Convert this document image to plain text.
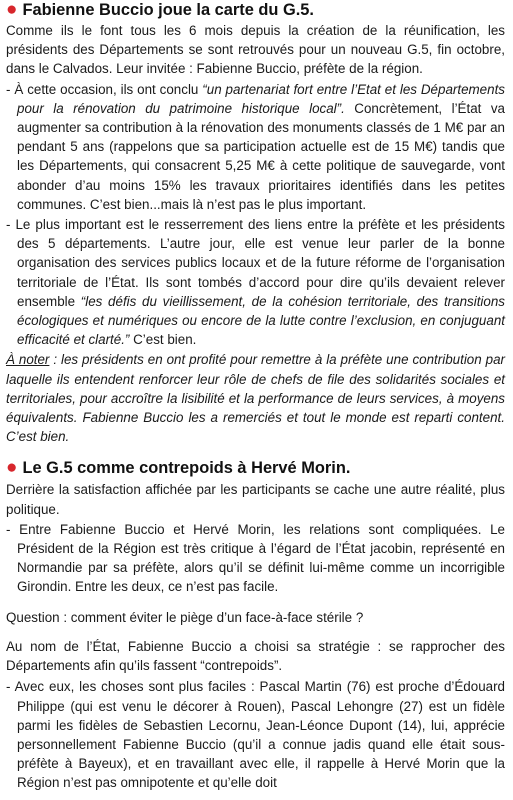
● Fabienne Buccio joue la carte du G.5.

Comme ils le font tous les 6 mois depuis la création de la réunification, les présidents des Départements se sont retrouvés pour un nouveau G.5, fin octobre, dans le Calvados. Leur invitée : Fabienne Buccio, préfète de la région.

- À cette occasion, ils ont conclu “un partenariat fort entre l’Etat et les Départements pour la rénovation du patrimoine historique local”. Concrètement, l’État va augmenter sa contribution à la rénovation des monuments classés de 1 M€ par an pendant 5 ans (rappelons que sa participation actuelle est de 15 M€) tandis que les Départements, qui consacrent 5,25 M€ à cette politique de sauvegarde, vont abonder d’au moins 15% les travaux prioritaires identifiés dans les petites communes. C’est bien...mais là n’est pas le plus important.

- Le plus important est le resserrement des liens entre la préfète et les présidents des 5 départements. L’autre jour, elle est venue leur parler de la bonne organisation des services publics locaux et de la future réforme de l’organisation territoriale de l’État. Ils sont tombés d’accord pour dire qu’ils devaient relever ensemble “les défis du vieillissement, de la cohésion territoriale, des transitions écologiques et numériques ou encore de la lutte contre l’exclusion, en conjuguant efficacité et clarté.” C’est bien.

À noter : les présidents en ont profité pour remettre à la préfète une contribution par laquelle ils entendent renforcer leur rôle de chefs de file des solidarités sociales et territoriales, pour accroître la lisibilité et la performance de leurs services, à moyens équivalents. Fabienne Buccio les a remerciés et tout le monde est reparti content. C’est bien.

● Le G.5 comme contrepoids à Hervé Morin.

Derrière la satisfaction affichée par les participants se cache une autre réalité, plus politique.

- Entre Fabienne Buccio et Hervé Morin, les relations sont compliquées. Le Président de la Région est très critique à l’égard de l’État jacobin, représenté en Normandie par sa préfète, alors qu’il se définit lui-même comme un incorrigible Girondin. Entre les deux, ce n’est pas facile.

Question : comment éviter le piège d’un face-à-face stérile ?

Au nom de l’État, Fabienne Buccio a choisi sa stratégie : se rapprocher des Départements afin qu’ils fassent “contrepoids”.

- Avec eux, les choses sont plus faciles : Pascal Martin (76) est proche d’Édouard Philippe (qui est venu le décorer à Rouen), Pascal Lehongre (27) est un fidèle parmi les fidèles de Sebastien Lecornu, Jean-Léonce Dupont (14), lui, apprécie personnellement Fabienne Buccio (qu’il a connue jadis quand elle était sous-préfète à Bayeux), et en travaillant avec elle, il rappelle à Hervé Morin que la Région n’est pas omnipotente et qu’elle doit
